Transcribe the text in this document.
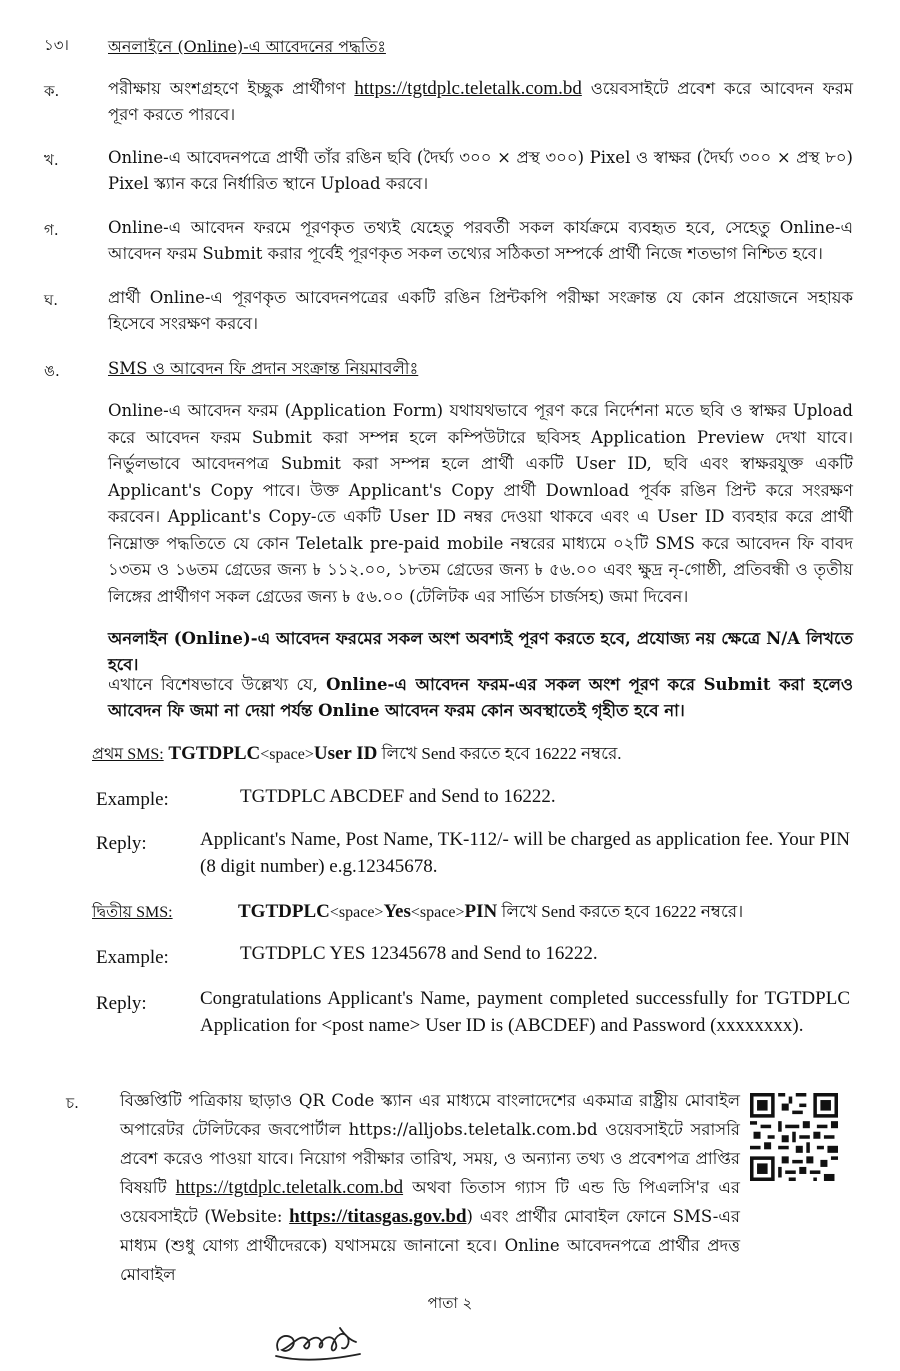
১৩। অনলাইনে (Online)-এ আবেদনের পদ্ধতিঃ
ক.	পরীক্ষায় অংশগ্রহণে ইচ্ছুক প্রার্থীগণ https://tgtdplc.teletalk.com.bd ওয়েবসাইটে প্রবেশ করে আবেদন ফরম পূরণ করতে পারবে।
খ.	Online-এ আবেদনপত্রে প্রার্থী তাঁর রঙিন ছবি (দৈর্ঘ্য ৩০০ × প্রস্থ ৩০০) Pixel ও স্বাক্ষর (দৈর্ঘ্য ৩০০ × প্রস্থ ৮০) Pixel স্ক্যান করে নির্ধারিত স্থানে Upload করবে।
গ.	Online-এ আবেদন ফরমে পূরণকৃত তথ্যই যেহেতু পরবর্তী সকল কার্যক্রমে ব্যবহৃত হবে, সেহেতু Online-এ আবেদন ফরম Submit করার পূর্বেই পূরণকৃত সকল তথ্যের সঠিকতা সম্পর্কে প্রার্থী নিজে শতভাগ নিশ্চিত হবে।
ঘ.	প্রার্থী Online-এ পূরণকৃত আবেদনপত্রের একটি রঙিন প্রিন্টকপি পরীক্ষা সংক্রান্ত যে কোন প্রয়োজনে সহায়ক হিসেবে সংরক্ষণ করবে।
ঙ.	SMS ও আবেদন ফি প্রদান সংক্রান্ত নিয়মাবলীঃ
Online-এ আবেদন ফরম (Application Form) যথাযথভাবে পূরণ করে নির্দেশনা মতে ছবি ও স্বাক্ষর Upload করে আবেদন ফরম Submit করা সম্পন্ন হলে কম্পিউটারে ছবিসহ Application Preview দেখা যাবে। নির্ভুলভাবে আবেদনপত্র Submit করা সম্পন্ন হলে প্রার্থী একটি User ID, ছবি এবং স্বাক্ষরযুক্ত একটি Applicant's Copy পাবে। উক্ত Applicant's Copy প্রার্থী Download পূর্বক রঙিন প্রিন্ট করে সংরক্ষণ করবেন। Applicant's Copy-তে একটি User ID নম্বর দেওয়া থাকবে এবং এ User ID ব্যবহার করে প্রার্থী নিম্নোক্ত পদ্ধতিতে যে কোন Teletalk pre-paid mobile নম্বরের মাধ্যমে ০২টি SMS করে আবেদন ফি বাবদ ১৩তম ও ১৬তম গ্রেডের জন্য ৳ ১১২.০০, ১৮তম গ্রেডের জন্য ৳ ৫৬.০০ এবং ক্ষুদ্র নৃ-গোষ্ঠী, প্রতিবন্ধী ও তৃতীয় লিঙ্গের প্রার্থীগণ সকল গ্রেডের জন্য ৳ ৫৬.০০ (টেলিটক এর সার্ভিস চার্জসহ) জমা দিবেন।
অনলাইন (Online)-এ আবেদন ফরমের সকল অংশ অবশ্যই পূরণ করতে হবে, প্রযোজ্য নয় ক্ষেত্রে N/A লিখতে হবে।
এখানে বিশেষভাবে উল্লেখ্য যে, Online-এ আবেদন ফরম-এর সকল অংশ পূরণ করে Submit করা হলেও আবেদন ফি জমা না দেয়া পর্যন্ত Online আবেদন ফরম কোন অবস্থাতেই গৃহীত হবে না।
প্রথম SMS: TGTDPLC<space>User ID লিখে Send করতে হবে 16222 নম্বরে.
Example:	TGTDPLC ABCDEF and Send to 16222.
Reply:	Applicant's Name, Post Name, TK-112/- will be charged as application fee. Your PIN (8 digit number) e.g.12345678.
দ্বিতীয় SMS:	TGTDPLC<space>Yes<space>PIN লিখে Send করতে হবে 16222 নম্বরে।
Example:	TGTDPLC YES 12345678 and Send to 16222.
Reply:	Congratulations Applicant's Name, payment completed successfully for TGTDPLC Application for <post name> User ID is (ABCDEF) and Password (xxxxxxxx).
চ. বিজ্ঞপ্তিটি পত্রিকায় ছাড়াও QR Code স্ক্যান এর মাধ্যমে বাংলাদেশের একমাত্র রাষ্ট্রীয় মোবাইল অপারেটর টেলিটকের জবপোর্টাল https://alljobs.teletalk.com.bd ওয়েবসাইটে সরাসরি প্রবেশ করেও পাওয়া যাবে। নিয়োগ পরীক্ষার তারিখ, সময়, ও অন্যান্য তথ্য ও প্রবেশপত্র প্রাপ্তির বিষয়টি https://tgtdplc.teletalk.com.bd অথবা তিতাস গ্যাস টি এন্ড ডি পিএলসি'র এর ওয়েবসাইটে (Website: https://titasgas.gov.bd) এবং প্রার্থীর মোবাইল ফোনে SMS-এর মাধ্যম (শুধু যোগ্য প্রার্থীদেরকে) যথাসময়ে জানানো হবে। Online আবেদনপত্রে প্রার্থীর প্রদত্ত মোবাইল
পাতা ২
